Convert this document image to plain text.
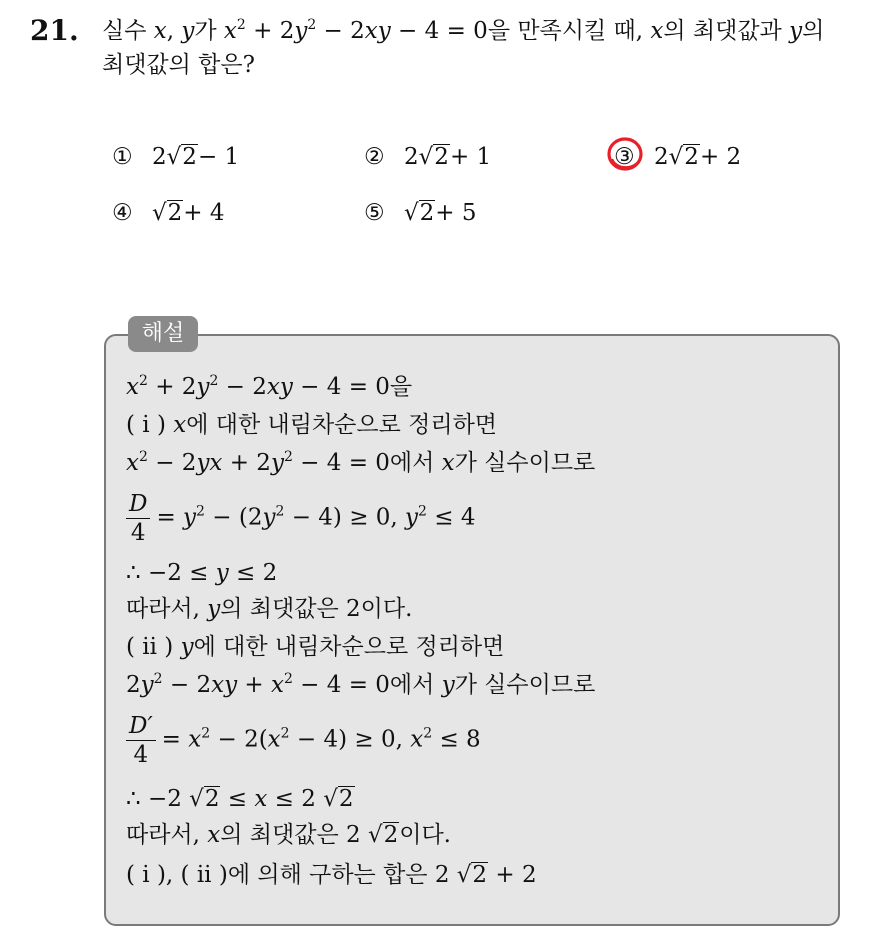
21. 실수 x, y가 $x^2 + 2y^2 - 2xy - 4 = 0$을 만족시킬 때, x의 최댓값과 y의
최댓값의 합은?
① 2 √2 − 1	② 2 √2 + 1	③ 2 √2 + 2
④ √2 + 4	⑤ √2 + 5
해설
$x^2 + 2y^2 - 2xy - 4 = 0$을
( i ) x에 대한 내림차순으로 정리하면
$x^2 - 2yx + 2y^2 - 4 = 0$에서 x가 실수이므로
$\frac{D}{4} = y^2 - (2y^2 - 4) \ge 0$, $y^2 \le 4$
∴ −2 ≤ y ≤ 2
따라서, y의 최댓값은 2이다.
( ii ) y에 대한 내림차순으로 정리하면
$2y^2 - 2xy + x^2 - 4 = 0$에서 y가 실수이므로
$\frac{D'}{4} = x^2 - 2(x^2 - 4) \ge 0$, $x^2 \le 8$
∴ −2 √2 ≤ x ≤ 2 √2
따라서, x의 최댓값은 2 √2이다.
( i ), ( ii )에 의해 구하는 합은 2 √2 + 2
